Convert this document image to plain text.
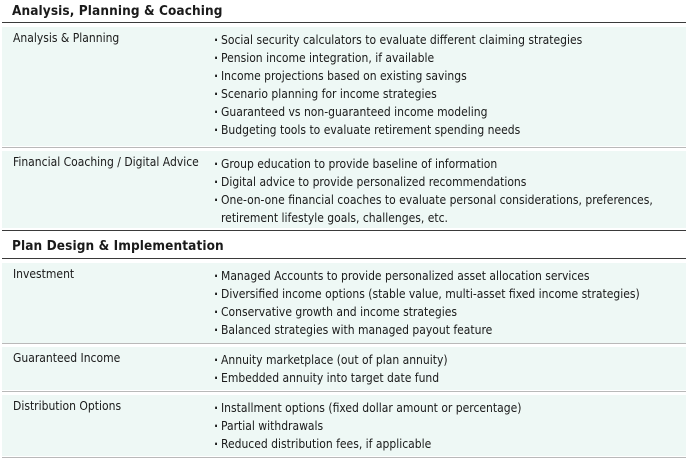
Analysis, Planning & Coaching
Analysis & Planning	· Social security calculators to evaluate different claiming strategies
· Pension income integration, if available
· Income projections based on existing savings
· Scenario planning for income strategies
· Guaranteed vs non-guaranteed income modeling
· Budgeting tools to evaluate retirement spending needs
Financial Coaching / Digital Advice	· Group education to provide baseline of information
· Digital advice to provide personalized recommendations
· One-on-one financial coaches to evaluate personal considerations, preferences, retirement lifestyle goals, challenges, etc.
Plan Design & Implementation
Investment	· Managed Accounts to provide personalized asset allocation services
· Diversified income options (stable value, multi-asset fixed income strategies)
· Conservative growth and income strategies
· Balanced strategies with managed payout feature
Guaranteed Income	· Annuity marketplace (out of plan annuity)
· Embedded annuity into target date fund
Distribution Options	· Installment options (fixed dollar amount or percentage)
· Partial withdrawals
· Reduced distribution fees, if applicable
